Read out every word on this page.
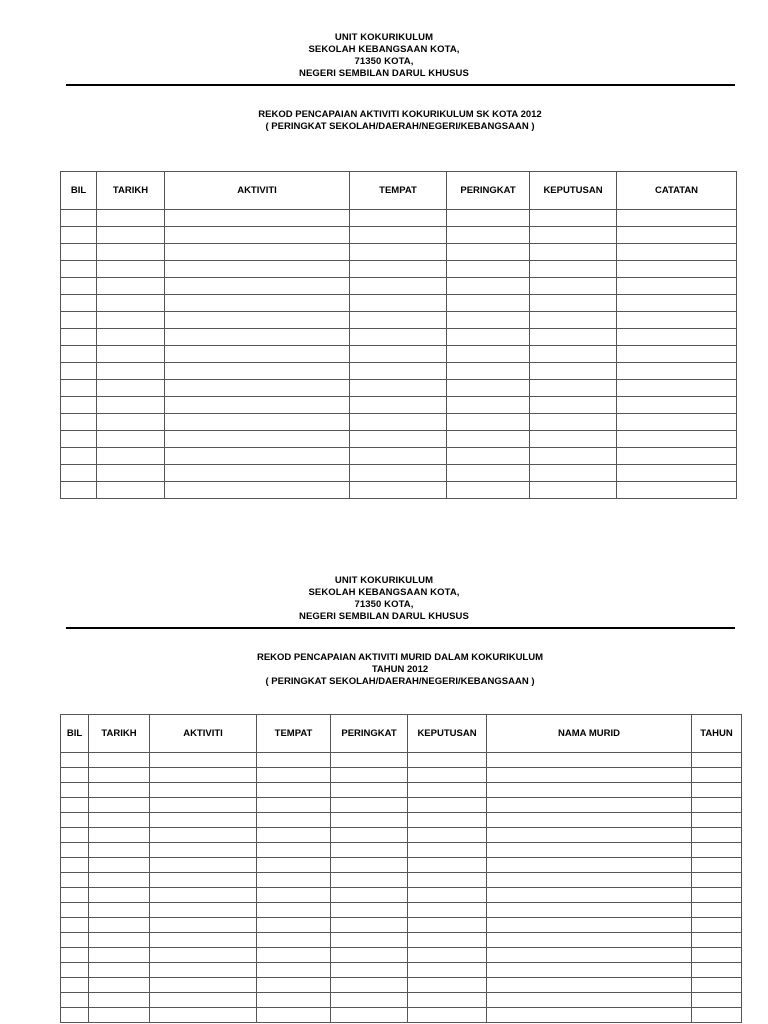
UNIT KOKURIKULUM
SEKOLAH KEBANGSAAN KOTA,
71350 KOTA,
NEGERI SEMBILAN DARUL KHUSUS
REKOD PENCAPAIAN AKTIVITI KOKURIKULUM SK KOTA 2012
( PERINGKAT SEKOLAH/DAERAH/NEGERI/KEBANGSAAN )
BIL	TARIKH	AKTIVITI	TEMPAT	PERINGKAT	KEPUTUSAN	CATATAN

UNIT KOKURIKULUM
SEKOLAH KEBANGSAAN KOTA,
71350 KOTA,
NEGERI SEMBILAN DARUL KHUSUS
REKOD PENCAPAIAN AKTIVITI MURID DALAM KOKURIKULUM
TAHUN 2012
( PERINGKAT SEKOLAH/DAERAH/NEGERI/KEBANGSAAN )
BIL	TARIKH	AKTIVITI	TEMPAT	PERINGKAT	KEPUTUSAN	NAMA MURID	TAHUN
